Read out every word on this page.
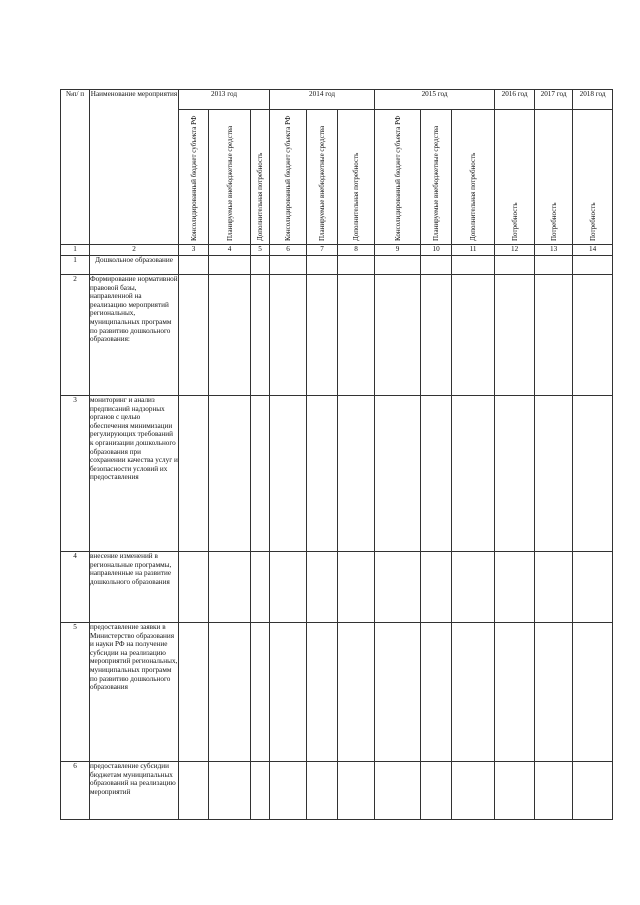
№п/ п	Наименование мероприятия	2013 год			2014 год			2015 год			2016 год	2017 год	2018 год

		Консолидированный бюджет субъекта РФ	Планируемые внебюджетные средства	Дополнительная потребность	Консолидированный бюджет субъекта РФ	Планируемые внебюджетные средства	Дополнительная потребность	Консолидированный бюджет субъекта РФ	Планируемые внебюджетные средства	Дополнительная потребность	Потребность	Потребность	Потребность

1	2	3	4	5	6	7	8	9	10	11	12	13	14
1	Дошкольное образование												
2	Формирование нормативной правовой базы, направленной на реализацию мероприятий региональных, муниципальных программ по развитию дошкольного образования:												
3	мониторинг и анализ предписаний надзорных органов с целью обеспечения минимизации регулирующих требований к организации дошкольного образования при сохранении качества услуг и безопасности условий их предоставления												
4	внесение изменений в региональные программы, направленные на развитие дошкольного образования												
5	предоставление заявки в Министерство образования и науки РФ на получение субсидии на реализацию мероприятий региональных, муниципальных программ по развитию дошкольного образования												
6	предоставление субсидии бюджетам муниципальных образований на реализацию мероприятий												
